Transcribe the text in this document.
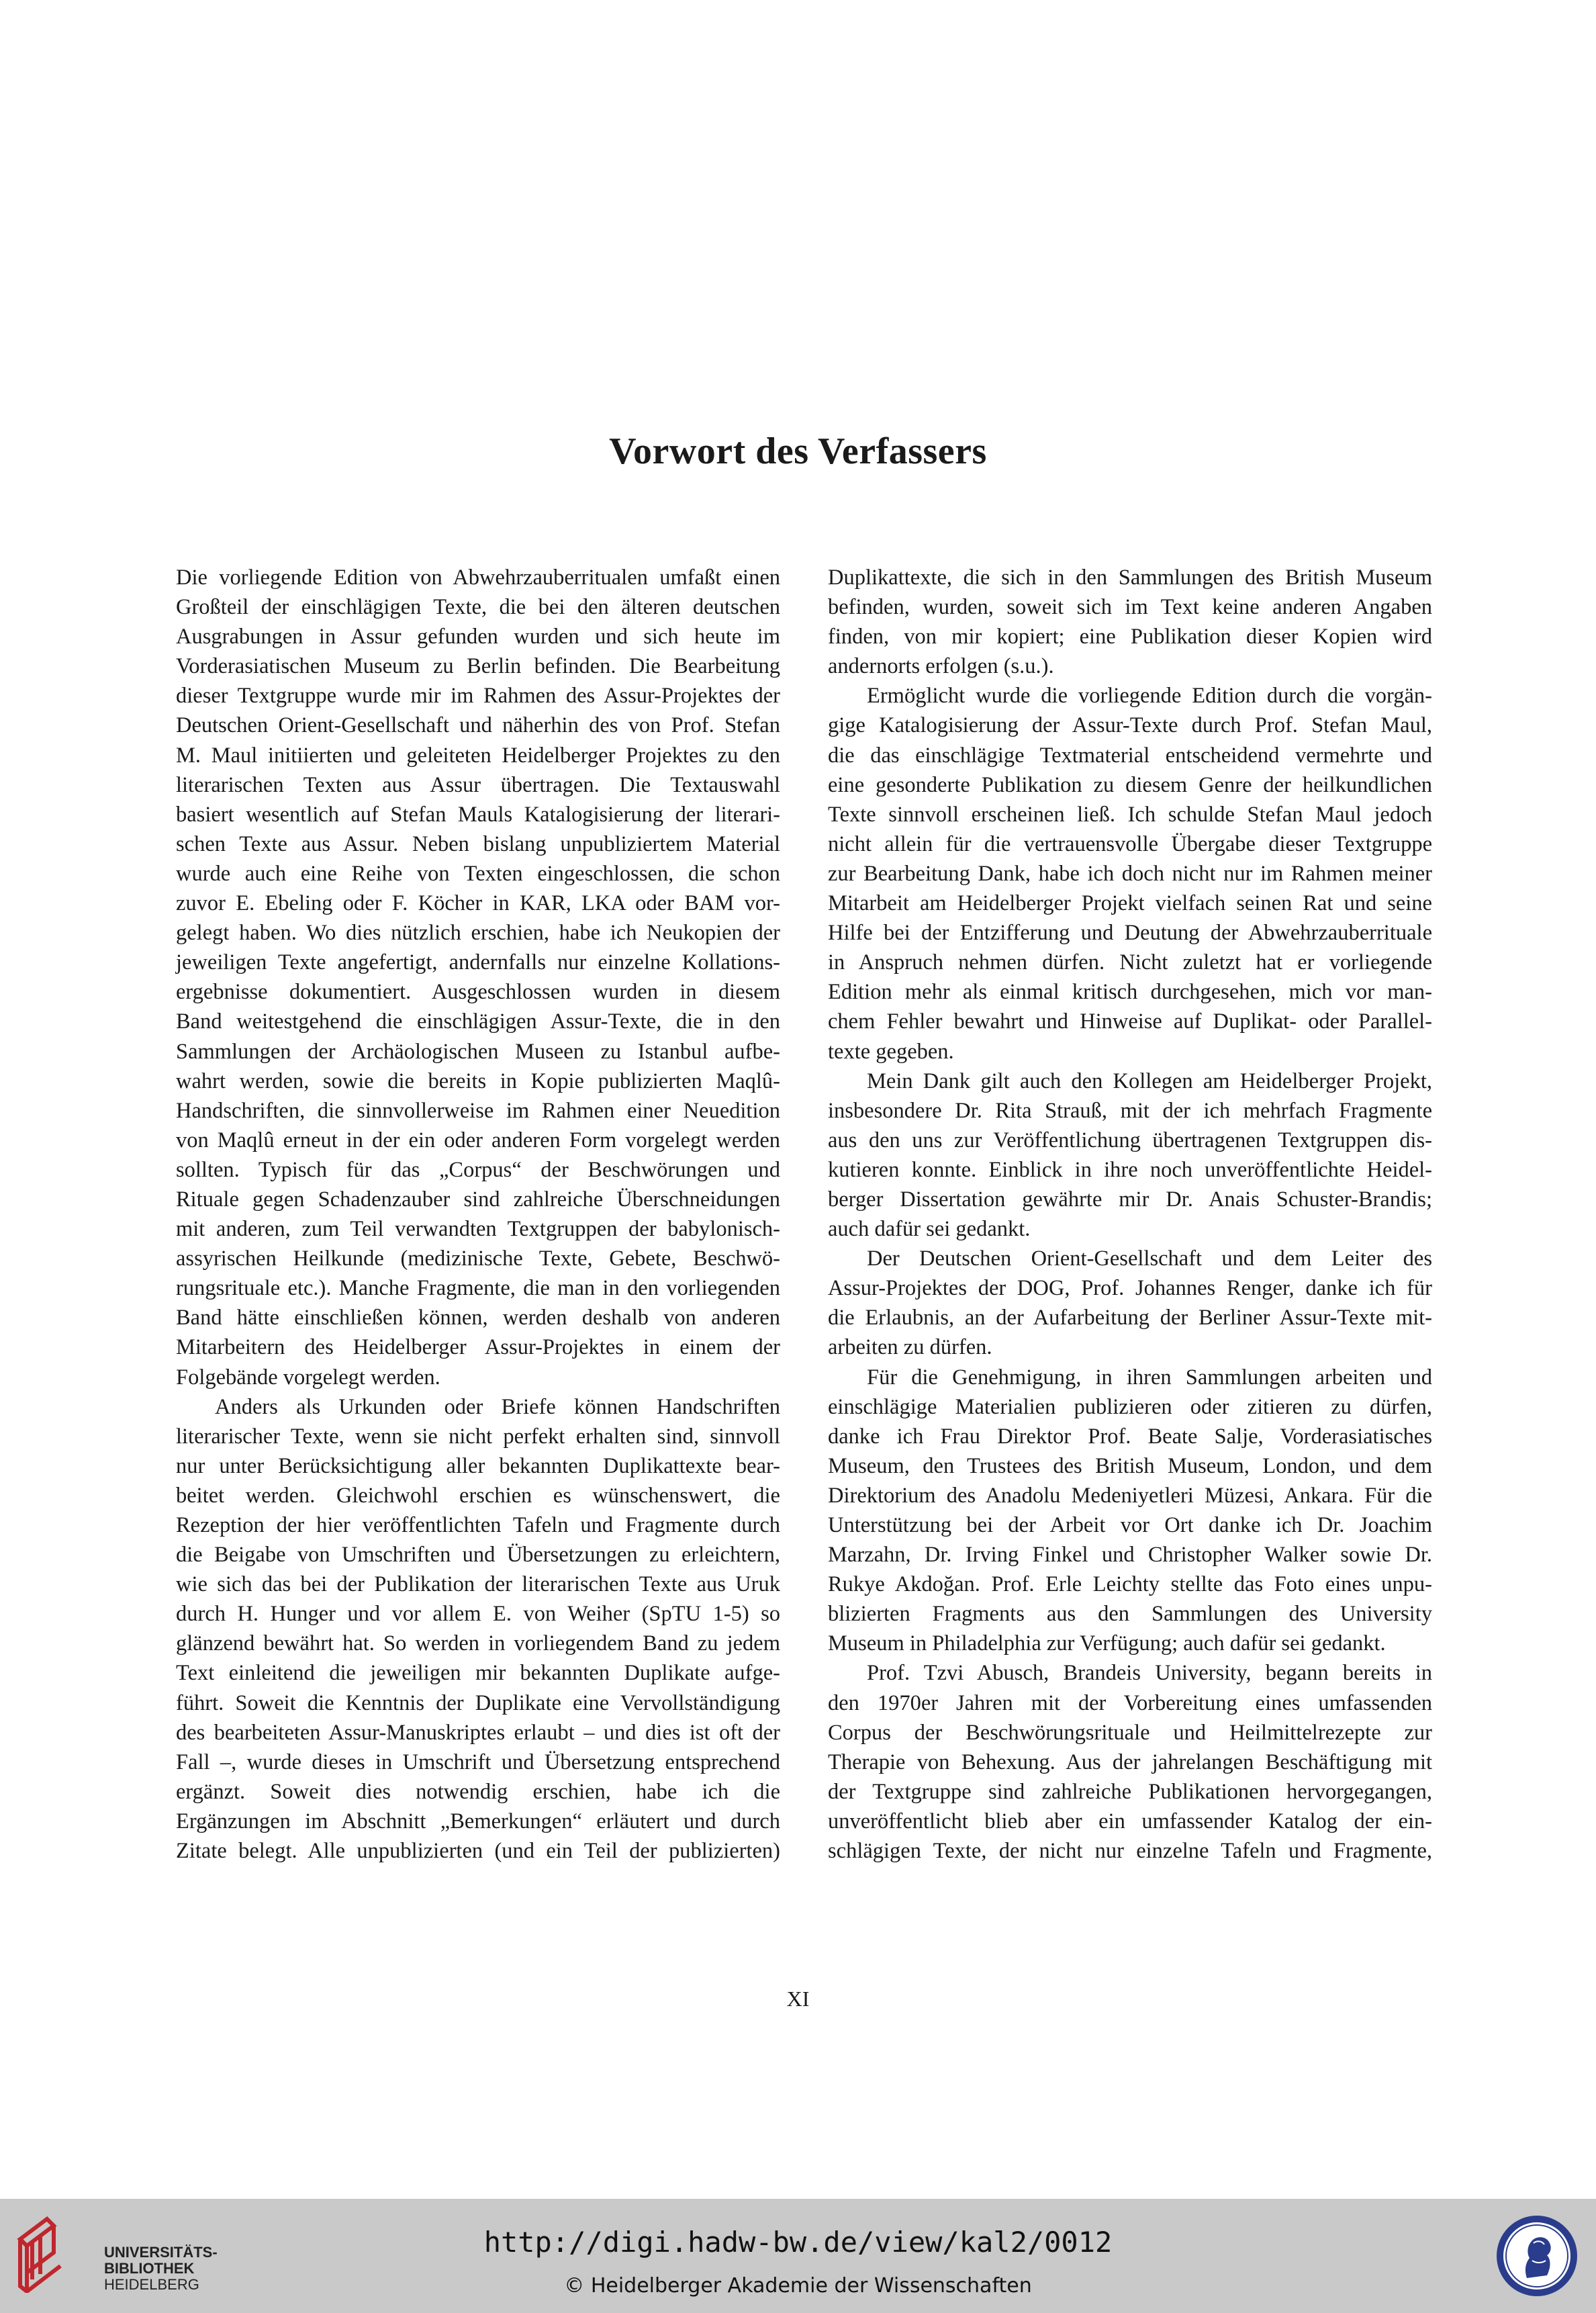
Vorwort des Verfassers
Die vorliegende Edition von Abwehrzauberritualen umfaßt einen
Großteil der einschlägigen Texte, die bei den älteren deutschen
Ausgrabungen in Assur gefunden wurden und sich heute im
Vorderasiatischen Museum zu Berlin befinden. Die Bearbeitung
dieser Textgruppe wurde mir im Rahmen des Assur-Projektes der
Deutschen Orient-Gesellschaft und näherhin des von Prof. Stefan
M. Maul initiierten und geleiteten Heidelberger Projektes zu den
literarischen Texten aus Assur übertragen. Die Textauswahl
basiert wesentlich auf Stefan Mauls Katalogisierung der literari-
schen Texte aus Assur. Neben bislang unpubliziertem Material
wurde auch eine Reihe von Texten eingeschlossen, die schon
zuvor E. Ebeling oder F. Köcher in KAR, LKA oder BAM vor-
gelegt haben. Wo dies nützlich erschien, habe ich Neukopien der
jeweiligen Texte angefertigt, andernfalls nur einzelne Kollations-
ergebnisse dokumentiert. Ausgeschlossen wurden in diesem
Band weitestgehend die einschlägigen Assur-Texte, die in den
Sammlungen der Archäologischen Museen zu Istanbul aufbe-
wahrt werden, sowie die bereits in Kopie publizierten Maqlû-
Handschriften, die sinnvollerweise im Rahmen einer Neuedition
von Maqlû erneut in der ein oder anderen Form vorgelegt werden
sollten. Typisch für das „Corpus“ der Beschwörungen und
Rituale gegen Schadenzauber sind zahlreiche Überschneidungen
mit anderen, zum Teil verwandten Textgruppen der babylonisch-
assyrischen Heilkunde (medizinische Texte, Gebete, Beschwö-
rungsrituale etc.). Manche Fragmente, die man in den vorliegenden
Band hätte einschließen können, werden deshalb von anderen
Mitarbeitern des Heidelberger Assur-Projektes in einem der
Folgebände vorgelegt werden.
Anders als Urkunden oder Briefe können Handschriften
literarischer Texte, wenn sie nicht perfekt erhalten sind, sinnvoll
nur unter Berücksichtigung aller bekannten Duplikattexte bear-
beitet werden. Gleichwohl erschien es wünschenswert, die
Rezeption der hier veröffentlichten Tafeln und Fragmente durch
die Beigabe von Umschriften und Übersetzungen zu erleichtern,
wie sich das bei der Publikation der literarischen Texte aus Uruk
durch H. Hunger und vor allem E. von Weiher (SpTU 1-5) so
glänzend bewährt hat. So werden in vorliegendem Band zu jedem
Text einleitend die jeweiligen mir bekannten Duplikate aufge-
führt. Soweit die Kenntnis der Duplikate eine Vervollständigung
des bearbeiteten Assur-Manuskriptes erlaubt – und dies ist oft der
Fall –, wurde dieses in Umschrift und Übersetzung entsprechend
ergänzt. Soweit dies notwendig erschien, habe ich die
Ergänzungen im Abschnitt „Bemerkungen“ erläutert und durch
Zitate belegt. Alle unpublizierten (und ein Teil der publizierten)
Duplikattexte, die sich in den Sammlungen des British Museum
befinden, wurden, soweit sich im Text keine anderen Angaben
finden, von mir kopiert; eine Publikation dieser Kopien wird
andernorts erfolgen (s.u.).
Ermöglicht wurde die vorliegende Edition durch die vorgän-
gige Katalogisierung der Assur-Texte durch Prof. Stefan Maul,
die das einschlägige Textmaterial entscheidend vermehrte und
eine gesonderte Publikation zu diesem Genre der heilkundlichen
Texte sinnvoll erscheinen ließ. Ich schulde Stefan Maul jedoch
nicht allein für die vertrauensvolle Übergabe dieser Textgruppe
zur Bearbeitung Dank, habe ich doch nicht nur im Rahmen meiner
Mitarbeit am Heidelberger Projekt vielfach seinen Rat und seine
Hilfe bei der Entzifferung und Deutung der Abwehrzauberrituale
in Anspruch nehmen dürfen. Nicht zuletzt hat er vorliegende
Edition mehr als einmal kritisch durchgesehen, mich vor man-
chem Fehler bewahrt und Hinweise auf Duplikat- oder Parallel-
texte gegeben.
Mein Dank gilt auch den Kollegen am Heidelberger Projekt,
insbesondere Dr. Rita Strauß, mit der ich mehrfach Fragmente
aus den uns zur Veröffentlichung übertragenen Textgruppen dis-
kutieren konnte. Einblick in ihre noch unveröffentlichte Heidel-
berger Dissertation gewährte mir Dr. Anais Schuster-Brandis;
auch dafür sei gedankt.
Der Deutschen Orient-Gesellschaft und dem Leiter des
Assur-Projektes der DOG, Prof. Johannes Renger, danke ich für
die Erlaubnis, an der Aufarbeitung der Berliner Assur-Texte mit-
arbeiten zu dürfen.
Für die Genehmigung, in ihren Sammlungen arbeiten und
einschlägige Materialien publizieren oder zitieren zu dürfen,
danke ich Frau Direktor Prof. Beate Salje, Vorderasiatisches
Museum, den Trustees des British Museum, London, und dem
Direktorium des Anadolu Medeniyetleri Müzesi, Ankara. Für die
Unterstützung bei der Arbeit vor Ort danke ich Dr. Joachim
Marzahn, Dr. Irving Finkel und Christopher Walker sowie Dr.
Rukye Akdoğan. Prof. Erle Leichty stellte das Foto eines unpu-
blizierten Fragments aus den Sammlungen des University
Museum in Philadelphia zur Verfügung; auch dafür sei gedankt.
Prof. Tzvi Abusch, Brandeis University, begann bereits in
den 1970er Jahren mit der Vorbereitung eines umfassenden
Corpus der Beschwörungsrituale und Heilmittelrezepte zur
Therapie von Behexung. Aus der jahrelangen Beschäftigung mit
der Textgruppe sind zahlreiche Publikationen hervorgegangen,
unveröffentlicht blieb aber ein umfassender Katalog der ein-
schlägigen Texte, der nicht nur einzelne Tafeln und Fragmente,
XI
UNIVERSITÄTS-
BIBLIOTHEK
HEIDELBERG
http://digi.hadw-bw.de/view/kal2/0012
© Heidelberger Akademie der Wissenschaften
